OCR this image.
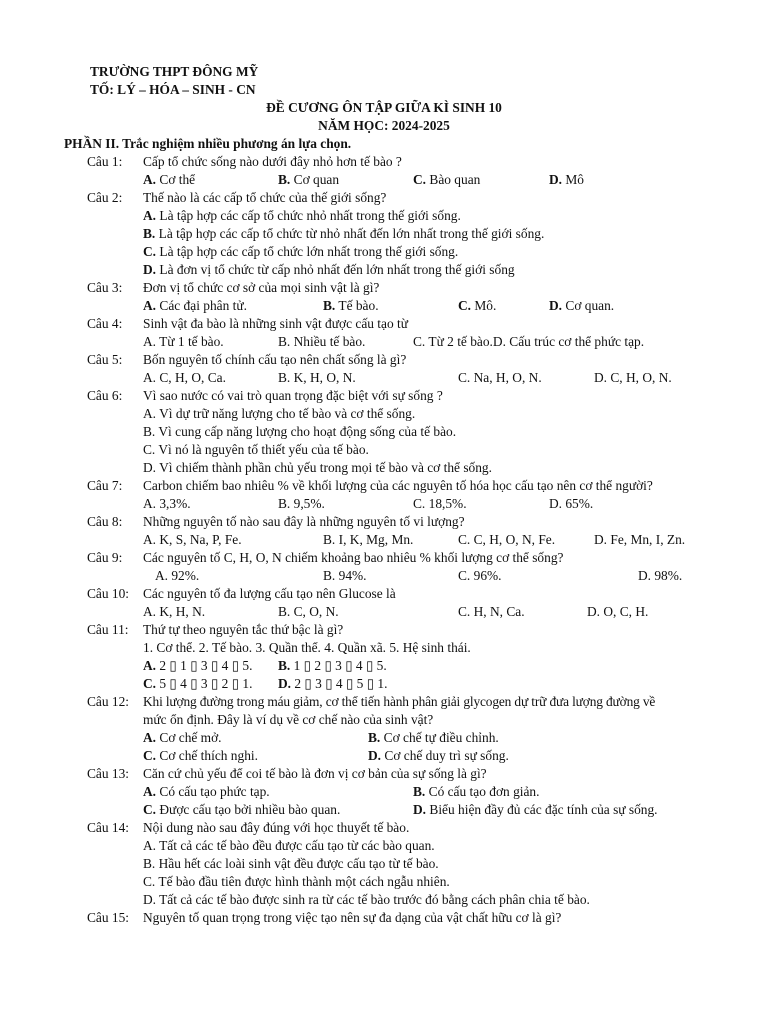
TRƯỜNG THPT ĐÔNG MỸ
TỐ: LÝ – HÓA – SINH - CN
ĐỀ CƯƠNG ÔN TẬP GIỮA KÌ SINH 10
NĂM HỌC: 2024-2025
PHẦN II. Trắc nghiệm nhiều phương án lựa chọn.
Câu 1: Cấp tổ chức sống nào dưới đây nhỏ hơn tế bào ?
A. Cơ thể	B. Cơ quan	C. Bào quan	D. Mô
Câu 2: Thế nào là các cấp tổ chức của thế giới sống?
A. Là tập hợp các cấp tổ chức nhỏ nhất trong thế giới sống.
B. Là tập hợp các cấp tổ chức từ nhỏ nhất đến lớn nhất trong thế giới sống.
C. Là tập hợp các cấp tổ chức lớn nhất trong thế giới sống.
D. Là đơn vị tổ chức từ cấp nhỏ nhất đến lớn nhất trong thế giới sống
Câu 3: Đơn vị tổ chức cơ sở của mọi sinh vật là gì?
A. Các đại phân tử.	B. Tế bào.	C. Mô.	D. Cơ quan.
Câu 4: Sinh vật đa bào là những sinh vật được cấu tạo từ
A. Từ 1 tế bào.	B. Nhiều tế bào.	C. Từ 2 tế bào.D. Cấu trúc cơ thể phức tạp.
Câu 5: Bốn nguyên tố chính cấu tạo nên chất sống là gì?
A. C, H, O, Ca.	B. K, H, O, N.	C. Na, H, O, N.	D. C, H, O, N.
Câu 6: Vì sao nước có vai trò quan trọng đặc biệt với sự sống ?
A. Vì dự trữ năng lượng cho tế bào và cơ thể sống.
B. Vì cung cấp năng lượng cho hoạt động sống của tế bào.
C. Vì nó là nguyên tố thiết yếu của tế bào.
D. Vì chiếm thành phần chủ yếu trong mọi tế bào và cơ thể sống.
Câu 7: Carbon chiếm bao nhiêu % về khối lượng của các nguyên tố hóa học cấu tạo nên cơ thể người?
A. 3,3%.	B. 9,5%.	C. 18,5%.	D. 65%.
Câu 8: Những nguyên tố nào sau đây là những nguyên tố vi lượng?
A. K, S, Na, P, Fe.	B. I, K, Mg, Mn.	C. C, H, O, N, Fe.	D. Fe, Mn, I, Zn.
Câu 9: Các nguyên tố C, H, O, N chiếm khoảng bao nhiêu % khối lượng cơ thể sống?
A. 92%.	B. 94%.	C. 96%.	D. 98%.
Câu 10: Các nguyên tố đa lượng cấu tạo nên Glucose là
A. K, H, N.	B. C, O, N.	C. H, N, Ca.	D. O, C, H.
Câu 11: Thứ tự theo nguyên tắc thứ bậc là gì?
1. Cơ thể. 2. Tế bào. 3. Quần thể. 4. Quần xã. 5. Hệ sinh thái.
A. 2 ▯ 1 ▯ 3 ▯ 4 ▯ 5. B. 1 ▯ 2 ▯ 3 ▯ 4 ▯ 5.
C. 5 ▯ 4 ▯ 3 ▯ 2 ▯ 1. D. 2 ▯ 3 ▯ 4 ▯ 5 ▯ 1.
Câu 12: Khi lượng đường trong máu giảm, cơ thể tiến hành phân giải glycogen dự trữ đưa lượng đường về
mức ổn định. Đây là ví dụ về cơ chế nào của sinh vật?
A. Cơ chế mở.	B. Cơ chế tự điều chỉnh.
C. Cơ chế thích nghi.	D. Cơ chế duy trì sự sống.
Câu 13: Căn cứ chủ yếu để coi tế bào là đơn vị cơ bản của sự sống là gì?
A. Có cấu tạo phức tạp.	B. Có cấu tạo đơn giản.
C. Được cấu tạo bởi nhiều bào quan.	D. Biểu hiện đầy đủ các đặc tính của sự sống.
Câu 14: Nội dung nào sau đây đúng với học thuyết tế bào.
A. Tất cả các tế bào đều được cấu tạo từ các bào quan.
B. Hầu hết các loài sinh vật đều được cấu tạo từ tế bào.
C. Tế bào đầu tiên được hình thành một cách ngẫu nhiên.
D. Tất cả các tế bào được sinh ra từ các tế bào trước đó bằng cách phân chia tế bào.
Câu 15: Nguyên tố quan trọng trong việc tạo nên sự đa dạng của vật chất hữu cơ là gì?
